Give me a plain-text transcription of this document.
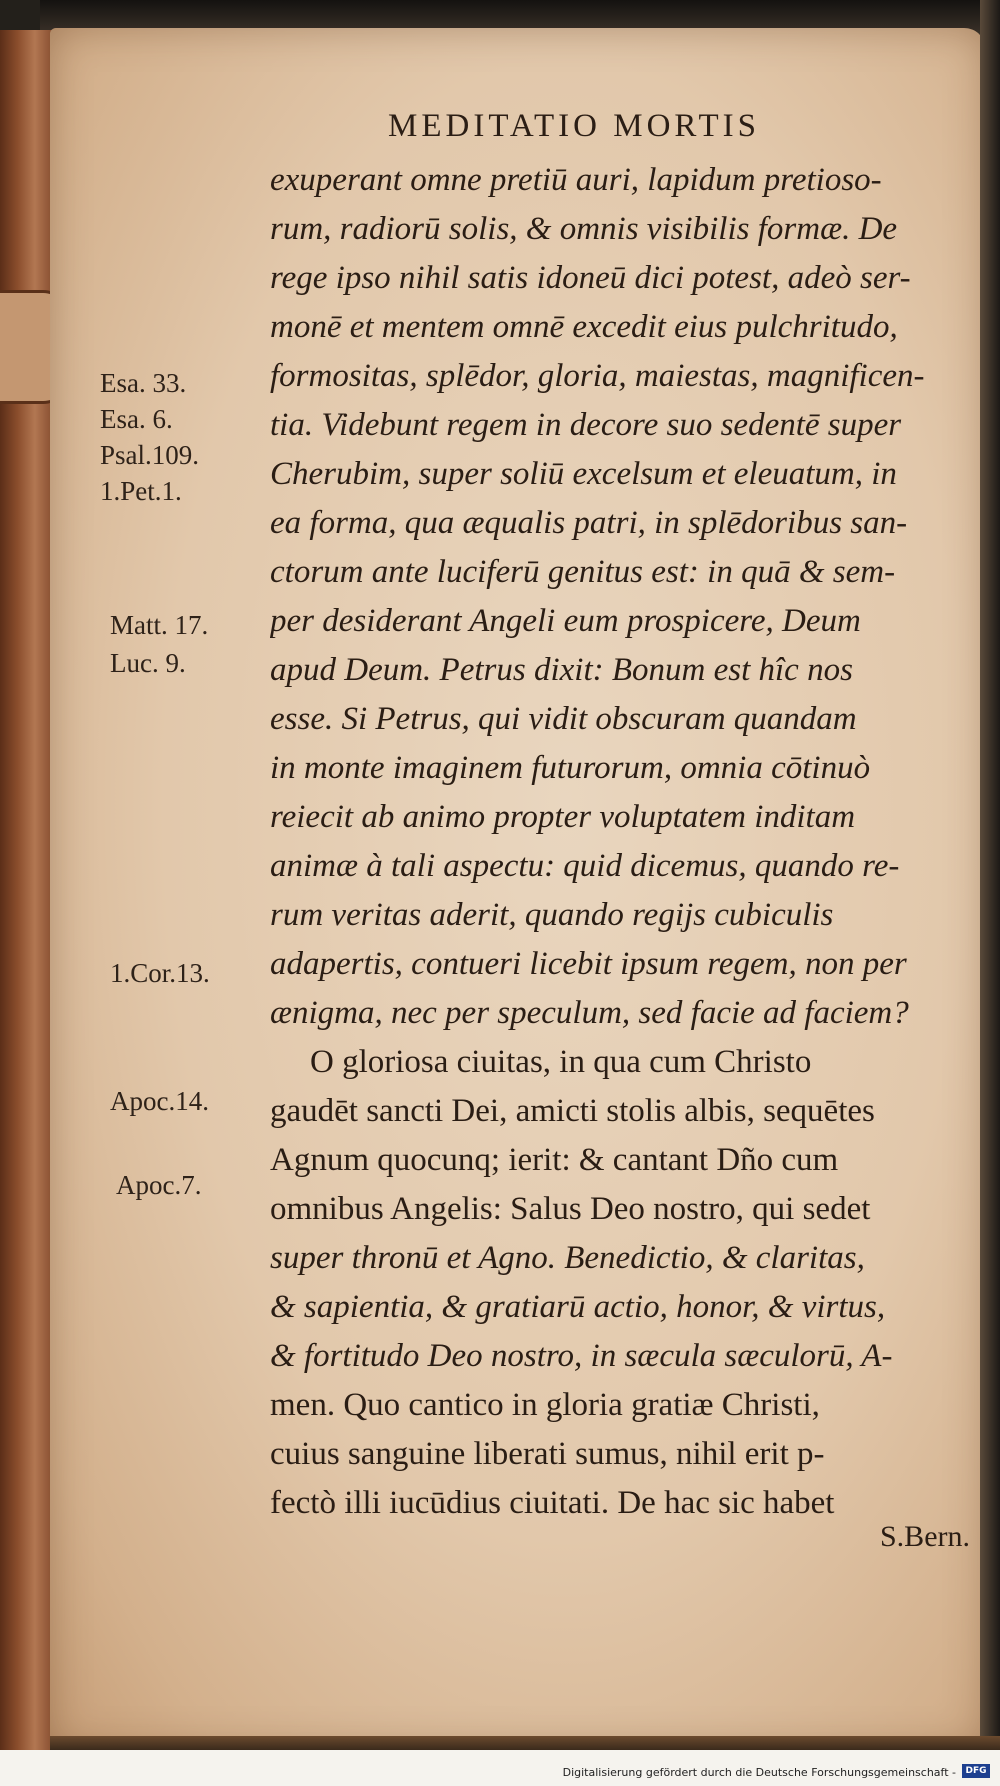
MEDITATIO MORTIS
Esa. 33.
Esa. 6.
Psal.109.
1.Pet.1.
Matt. 17.
Luc. 9.
1.Cor.13.
Apoc.14.
Apoc.7.
exuperant omne pretiū auri, lapidum pretioso-
rum, radiorū solis, & omnis visibilis formæ. De
rege ipso nihil satis idoneū dici potest, adeò ser-
monē et mentem omnē excedit eius pulchritudo,
formositas, splēdor, gloria, maiestas, magnificen-
tia. Videbunt regem in decore suo sedentē super
Cherubim, super soliū excelsum et eleuatum, in
ea forma, qua æqualis patri, in splēdoribus san-
ctorum ante luciferū genitus est: in quā & sem-
per desiderant Angeli eum prospicere, Deum
apud Deum. Petrus dixit: Bonum est hîc nos
esse. Si Petrus, qui vidit obscuram quandam
in monte imaginem futurorum, omnia cōtinuò
reiecit ab animo propter voluptatem inditam
animæ à tali aspectu: quid dicemus, quando re-
rum veritas aderit, quando regijs cubiculis
adapertis, contueri licebit ipsum regem, non per
ænigma, nec per speculum, sed facie ad faciem?
O gloriosa ciuitas, in qua cum Christo
gaudēt sancti Dei, amicti stolis albis, sequētes
Agnum quocunq; ierit: & cantant Dño cum
omnibus Angelis: Salus Deo nostro, qui sedet
super thronū et Agno. Benedictio, & claritas,
& sapientia, & gratiarū actio, honor, & virtus,
& fortitudo Deo nostro, in sæcula sæculorū, A-
men. Quo cantico in gloria gratiæ Christi,
cuius sanguine liberati sumus, nihil erit p-
fectò illi iucūdius ciuitati. De hac sic habet
S.Bern.
Digitalisierung gefördert durch die Deutsche Forschungsgemeinschaft -	DFG
